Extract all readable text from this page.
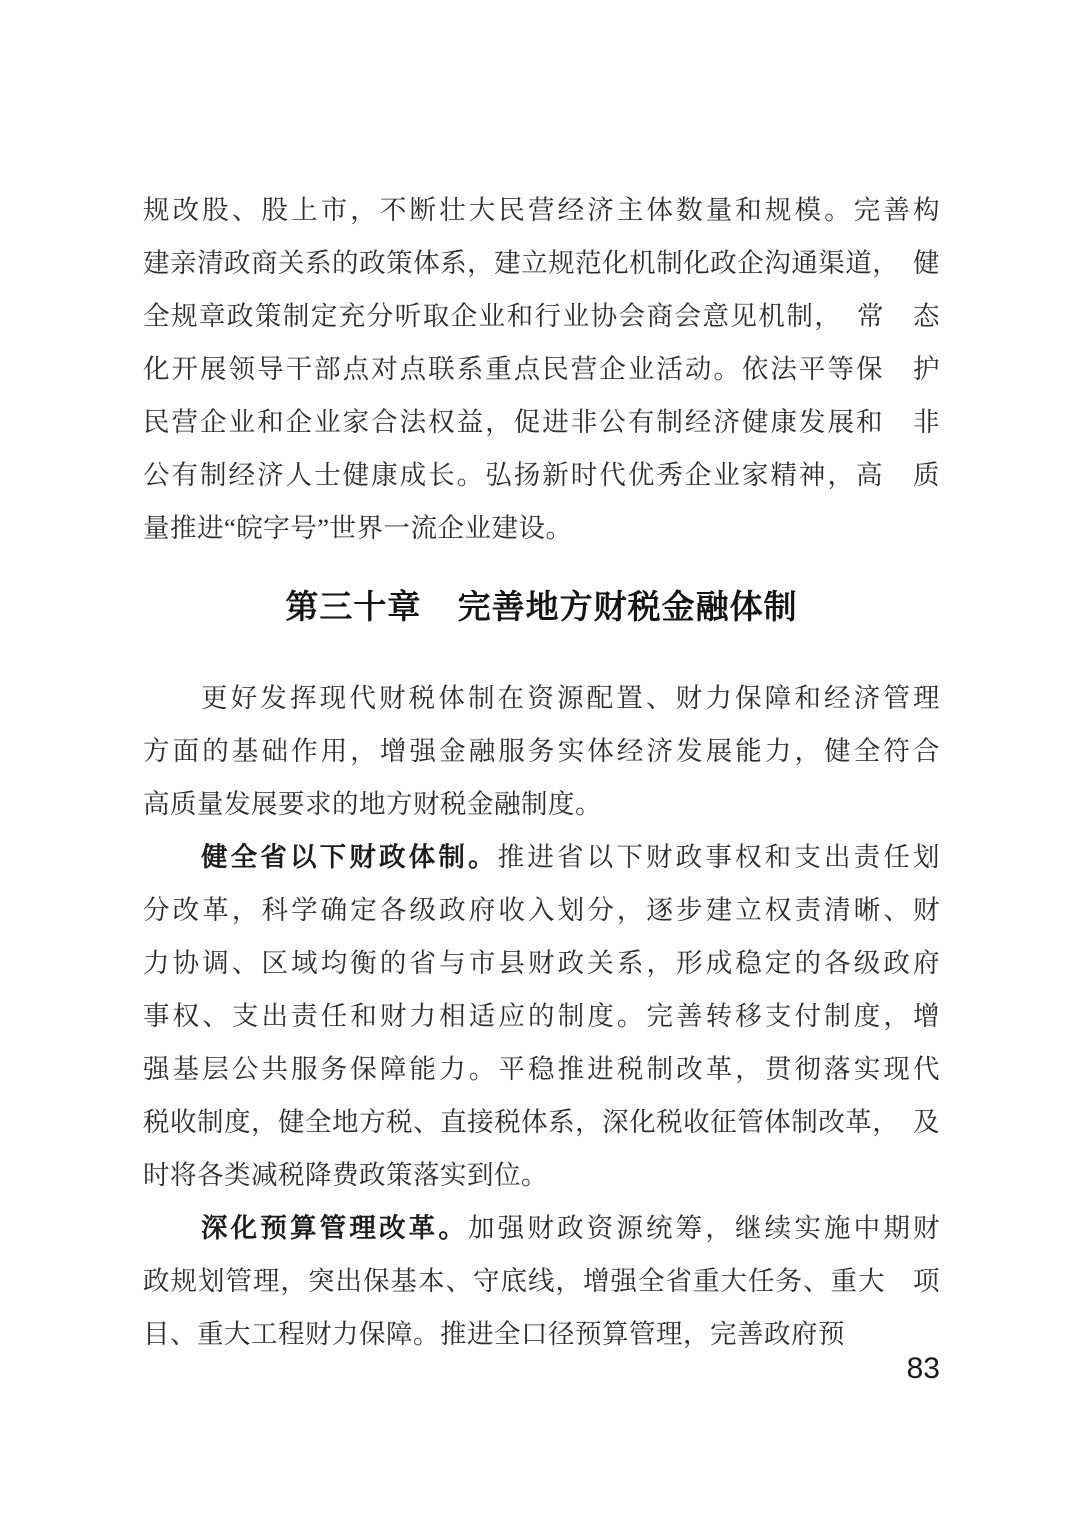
规改股、股上市，不断壮大民营经济主体数量和规模。完善构
建亲清政商关系的政策体系，建立规范化机制化政企沟通渠道，　健
全规章政策制定充分听取企业和行业协会商会意见机制，　常　态
化开展领导干部点对点联系重点民营企业活动。依法平等保　护
民营企业和企业家合法权益，促进非公有制经济健康发展和　非
公有制经济人士健康成长。弘扬新时代优秀企业家精神，高　质
量推进“皖字号”世界一流企业建设。
第三十章 完善地方财税金融体制
更好发挥现代财税体制在资源配置、财力保障和经济管理
方面的基础作用，增强金融服务实体经济发展能力，健全符合
高质量发展要求的地方财税金融制度。
健全省以下财政体制。推进省以下财政事权和支出责任划
分改革，科学确定各级政府收入划分，逐步建立权责清晰、财
力协调、区域均衡的省与市县财政关系，形成稳定的各级政府
事权、支出责任和财力相适应的制度。完善转移支付制度，增
强基层公共服务保障能力。平稳推进税制改革，贯彻落实现代
税收制度，健全地方税、直接税体系，深化税收征管体制改革，　及
时将各类减税降费政策落实到位。
深化预算管理改革。加强财政资源统筹，继续实施中期财
政规划管理，突出保基本、守底线，增强全省重大任务、重大　项
目、重大工程财力保障。推进全口径预算管理，完善政府预
83
